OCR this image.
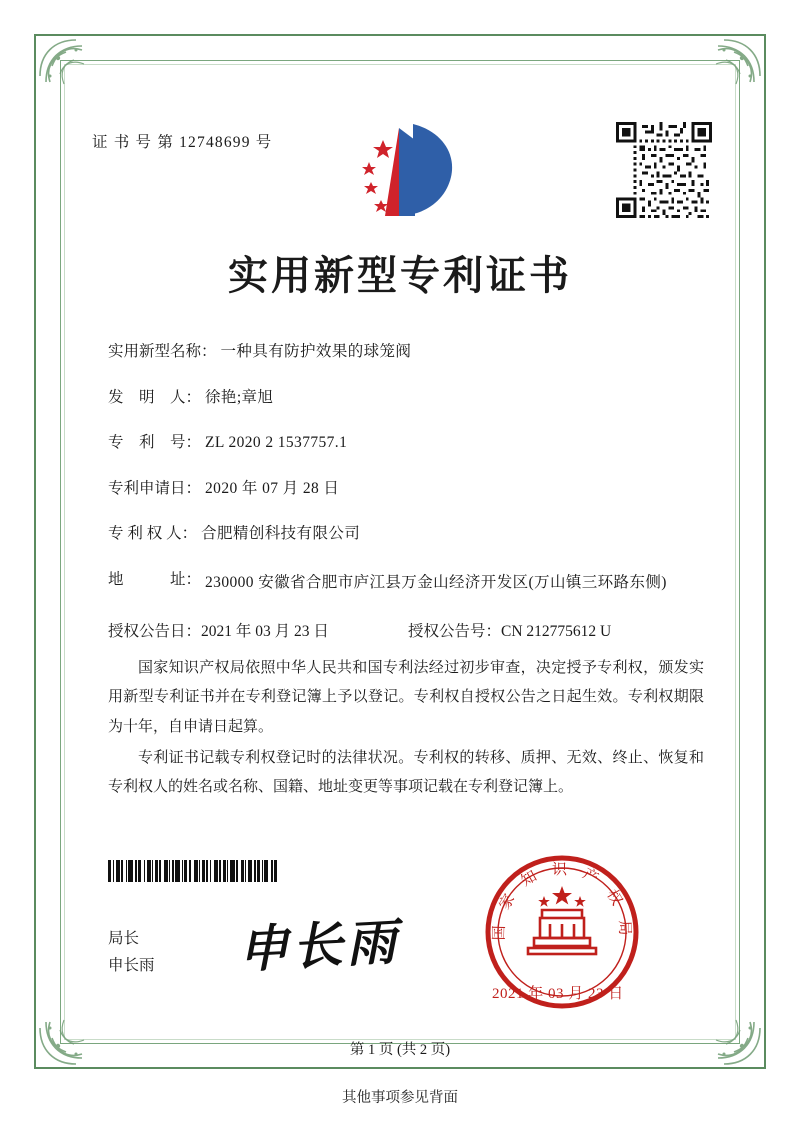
证 书 号 第 12748699 号
实用新型专利证书
实用新型名称： 一种具有防护效果的球笼阀
发　明　人： 徐艳;章旭
专　利　号： ZL 2020 2 1537757.1
专利申请日： 2020 年 07 月 28 日
专 利 权 人： 合肥精创科技有限公司
地　　　址： 230000 安徽省合肥市庐江县万金山经济开发区(万山镇三环路东侧)
授权公告日：2021 年 03 月 23 日	授权公告号：CN 212775612 U

国家知识产权局依照中华人民共和国专利法经过初步审查，决定授予专利权，颁发实用新型专利证书并在专利登记簿上予以登记。专利权自授权公告之日起生效。专利权期限为十年，自申请日起算。

专利证书记载专利权登记时的法律状况。专利权的转移、质押、无效、终止、恢复和专利权人的姓名或名称、国籍、地址变更等事项记载在专利登记簿上。

局长
申长雨 申长雨	国 家 知 识 产 权 局
2021 年 03 月 23 日
第 1 页 (共 2 页)
其他事项参见背面
